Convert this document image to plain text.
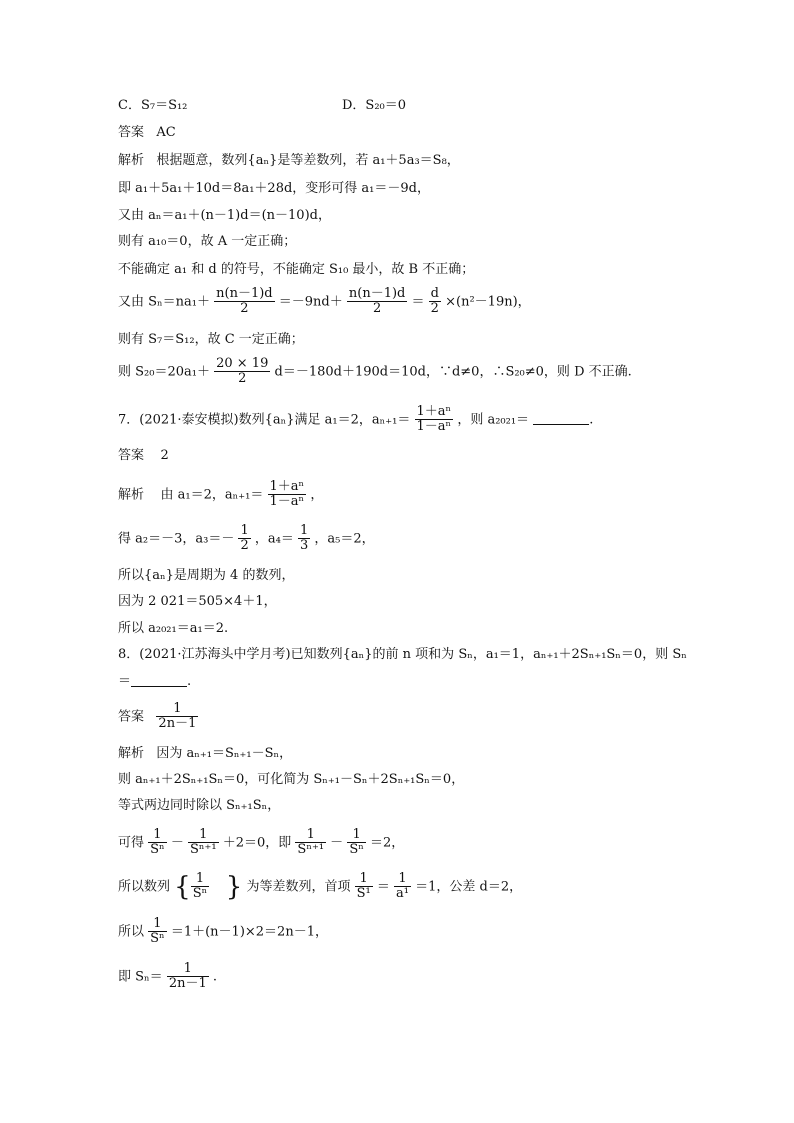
C．S₇＝S₁₂	D．S₂₀＝0
答案 AC
解析 根据题意，数列{aₙ}是等差数列，若 a₁＋5a₃＝S₈，
即 a₁＋5a₁＋10d＝8a₁＋28d，变形可得 a₁＝－9d，
又由 aₙ＝a₁＋(n－1)d＝(n－10)d，
则有 a₁₀＝0，故 A 一定正确；
不能确定 a₁ 和 d 的符号，不能确定 S₁₀ 最小，故 B 不正确；
又由 $S_n=na_1+ \frac{n(n-1)d}{2} =-9nd+ \frac{n(n-1)d}{2} = \frac{d}{2} \times(n^2-19n)$，
则有 S₇＝S₁₂，故 C 一定正确；
则 $S_{20}=20a_1+ \frac{20 \times 19}{2} d=-180d+190d=10d$，∵d≠0，∴S₂₀≠0，则 D 不正确.
7．(2021·泰安模拟)数列{aₙ}满足 a₁＝2，$a_{n+1}= \frac{\text{1＋aⁿ}}{\text{1－aⁿ}}$ ，则 a₂₀₂₁＝	.
答案 2
解析 由 a₁＝2，$a_{n+1}= \frac{\text{1＋aⁿ}}{\text{1－aⁿ}}$ ，
得 a₂＝－3，$a_3=- \frac{1}{2}$ ，$a_4= \frac{1}{3}$ ，a₅＝2，
所以{aₙ}是周期为 4 的数列，
因为 2 021＝505×4＋1，
所以 a₂₀₂₁＝a₁＝2.
8．(2021·江苏海头中学月考)已知数列{aₙ}的前 n 项和为 Sₙ，a₁＝1，aₙ₊₁＋2Sₙ₊₁Sₙ＝0，则 Sₙ
＝	.
答案 $\frac{1}{2n-1}$
解析 因为 aₙ₊₁＝Sₙ₊₁－Sₙ，
则 aₙ₊₁＋2Sₙ₊₁Sₙ＝0，可化简为 Sₙ₊₁－Sₙ＋2Sₙ₊₁Sₙ＝0，
等式两边同时除以 Sₙ₊₁Sₙ，
可得 $\frac{1}{\text{Sⁿ}} - \frac{1}{\text{Sⁿ⁺¹}} +2=0$，即 $\frac{1}{\text{Sⁿ⁺¹}} - \frac{1}{\text{Sⁿ}} =2$，
所以数列 { $\frac{1}{\text{Sⁿ}}$ } 为等差数列，首项 $\frac{1}{\text{S¹}} = \frac{1}{\text{a¹}} =1$，公差 d＝2，
所以 $\frac{1}{\text{Sⁿ}} =1+(n-1)\times 2=2n-1$，
即 $S_n= \frac{1}{2n-1}$ .
